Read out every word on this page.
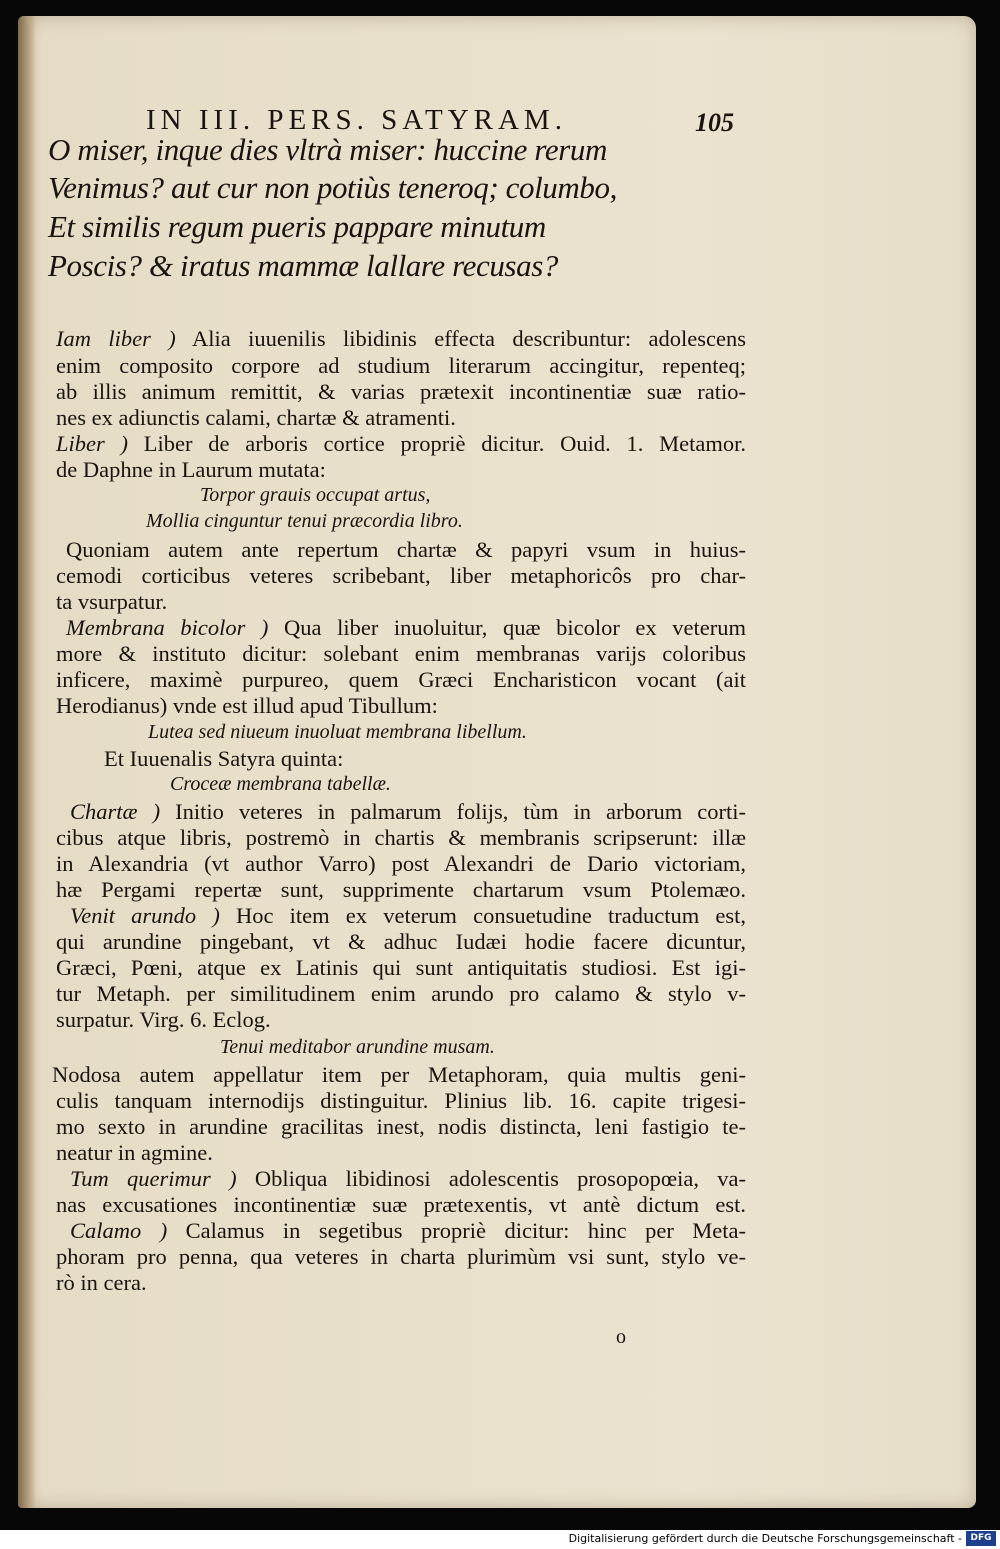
IN III. PERS. SATYRAM.	105
O miser, inque dies vltrà miser: huccine rerum
Venimus? aut cur non potiùs teneroq; columbo,
Et similis regum pueris pappare minutum
Poscis? & iratus mammæ lallare recusas?
Iam liber ) Alia iuuenilis libidinis effecta describuntur: adolescens
enim composito corpore ad studium literarum accingitur, repenteq;
ab illis animum remittit, & varias prætexit incontinentiæ suæ ratio-
nes ex adiunctis calami, chartæ & atramenti.
Liber ) Liber de arboris cortice propriè dicitur. Ouid. 1. Metamor.
de Daphne in Laurum mutata:
Torpor grauis occupat artus,
Mollia cinguntur tenui præcordia libro.
Quoniam autem ante repertum chartæ & papyri vsum in huius-
cemodi corticibus veteres scribebant, liber metaphoricôs pro char-
ta vsurpatur.
Membrana bicolor ) Qua liber inuoluitur, quæ bicolor ex veterum
more & instituto dicitur: solebant enim membranas varijs coloribus
inficere, maximè purpureo, quem Græci Encharisticon vocant (ait
Herodianus) vnde est illud apud Tibullum:
Lutea sed niueum inuoluat membrana libellum.
Et Iuuenalis Satyra quinta:
Croceæ membrana tabellæ.
Chartæ ) Initio veteres in palmarum folijs, tùm in arborum corti-
cibus atque libris, postremò in chartis & membranis scripserunt: illæ
in Alexandria (vt author Varro) post Alexandri de Dario victoriam,
hæ Pergami repertæ sunt, supprimente chartarum vsum Ptolemæo.
Venit arundo ) Hoc item ex veterum consuetudine traductum est,
qui arundine pingebant, vt & adhuc Iudæi hodie facere dicuntur,
Græci, Pœni, atque ex Latinis qui sunt antiquitatis studiosi. Est igi-
tur Metaph. per similitudinem enim arundo pro calamo & stylo v-
surpatur. Virg. 6. Eclog.
Tenui meditabor arundine musam.
Nodosa autem appellatur item per Metaphoram, quia multis geni-
culis tanquam internodijs distinguitur. Plinius lib. 16. capite trigesi-
mo sexto in arundine gracilitas inest, nodis distincta, leni fastigio te-
neatur in agmine.
Tum querimur ) Obliqua libidinosi adolescentis prosopopœia, va-
nas excusationes incontinentiæ suæ prætexentis, vt antè dictum est.
Calamo ) Calamus in segetibus propriè dicitur: hinc per Meta-
phoram pro penna, qua veteres in charta plurimùm vsi sunt, stylo ve-
rò in cera.
o
Digitalisierung gefördert durch die Deutsche Forschungsgemeinschaft - DFG
